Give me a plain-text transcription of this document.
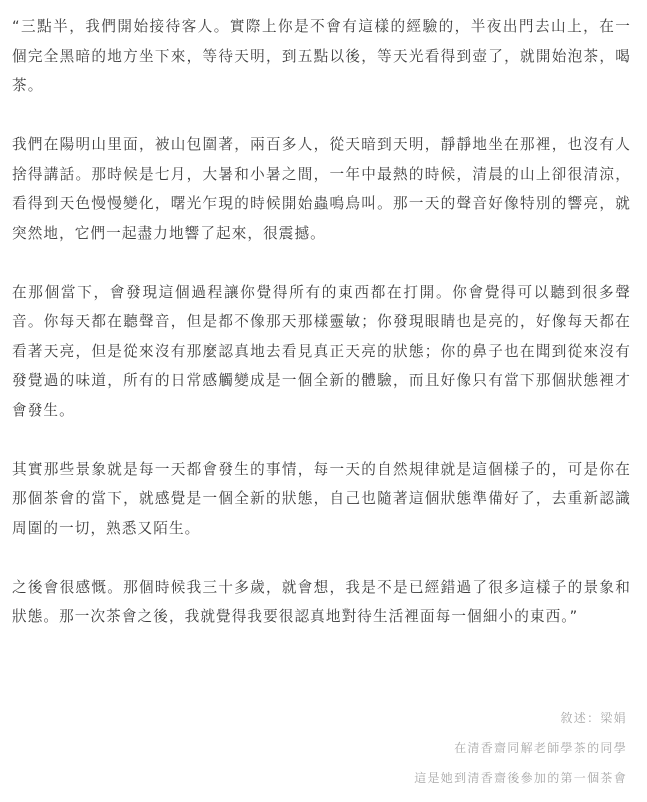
“三點半，我們開始接待客人。實際上你是不會有這樣的經驗的，半夜出門去山上，在一個完全黑暗的地方坐下來，等待天明，到五點以後，等天光看得到壺了，就開始泡茶，喝茶。

我們在陽明山里面，被山包圍著，兩百多人，從天暗到天明，靜靜地坐在那裡，也沒有人捨得講話。那時候是七月，大暑和小暑之間，一年中最熱的時候，清晨的山上卻很清涼，看得到天色慢慢變化，曙光乍現的時候開始蟲鳴鳥叫。那一天的聲音好像特別的響亮，就突然地，它們一起盡力地響了起來，很震撼。

在那個當下，會發現這個過程讓你覺得所有的東西都在打開。你會覺得可以聽到很多聲音。你每天都在聽聲音，但是都不像那天那樣靈敏；你發現眼睛也是亮的，好像每天都在看著天亮，但是從來沒有那麼認真地去看見真正天亮的狀態；你的鼻子也在聞到從來沒有發覺過的味道，所有的日常感觸變成是一個全新的體驗，而且好像只有當下那個狀態裡才會發生。

其實那些景象就是每一天都會發生的事情，每一天的自然規律就是這個樣子的，可是你在那個茶會的當下，就感覺是一個全新的狀態，自己也隨著這個狀態準備好了，去重新認識周圍的一切，熟悉又陌生。

之後會很感慨。那個時候我三十多歲，就會想，我是不是已經錯過了很多這樣子的景象和狀態。那一次茶會之後，我就覺得我要很認真地對待生活裡面每一個細小的東西。”

敘述：梁娟
在清香齋同解老師學茶的同學
這是她到清香齋後參加的第一個茶會
